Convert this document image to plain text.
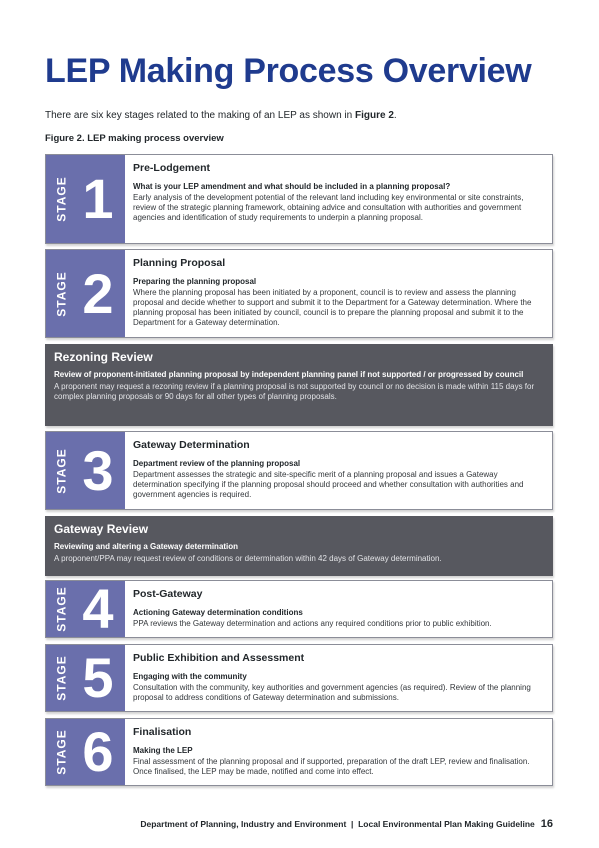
LEP Making Process Overview

There are six key stages related to the making of an LEP as shown in Figure 2.

Figure 2. LEP making process overview

STAGE 1	Pre-Lodgement

What is your LEP amendment and what should be included in a planning proposal?

Early analysis of the development potential of the relevant land including key environmental or site constraints, review of the strategic planning framework, obtaining advice and consultation with authorities and government agencies and identification of study requirements to underpin a planning proposal.

STAGE 2	Planning Proposal

Preparing the planning proposal

Where the planning proposal has been initiated by a proponent, council is to review and assess the planning proposal and decide whether to support and submit it to the Department for a Gateway determination. Where the planning proposal has been initiated by council, council is to prepare the planning proposal and submit it to the Department for a Gateway determination.

Rezoning Review

Review of proponent-initiated planning proposal by independent planning panel if not supported / or progressed by council

A proponent may request a rezoning review if a planning proposal is not supported by council or no decision is made within 115 days for complex planning proposals or 90 days for all other types of planning proposals.

STAGE 3	Gateway Determination

Department review of the planning proposal

Department assesses the strategic and site-specific merit of a planning proposal and issues a Gateway determination specifying if the planning proposal should proceed and whether consultation with authorities and government agencies is required.

Gateway Review

Reviewing and altering a Gateway determination

A proponent/PPA may request review of conditions or determination within 42 days of Gateway determination.

STAGE 4	Post-Gateway

Actioning Gateway determination conditions

PPA reviews the Gateway determination and actions any required conditions prior to public exhibition.

STAGE 5	Public Exhibition and Assessment

Engaging with the community

Consultation with the community, key authorities and government agencies (as required). Review of the planning proposal to address conditions of Gateway determination and submissions.

STAGE 6	Finalisation

Making the LEP

Final assessment of the planning proposal and if supported, preparation of the draft LEP, review and finalisation. Once finalised, the LEP may be made, notified and come into effect.

Department of Planning, Industry and Environment  |  Local Environmental Plan Making Guideline 16
